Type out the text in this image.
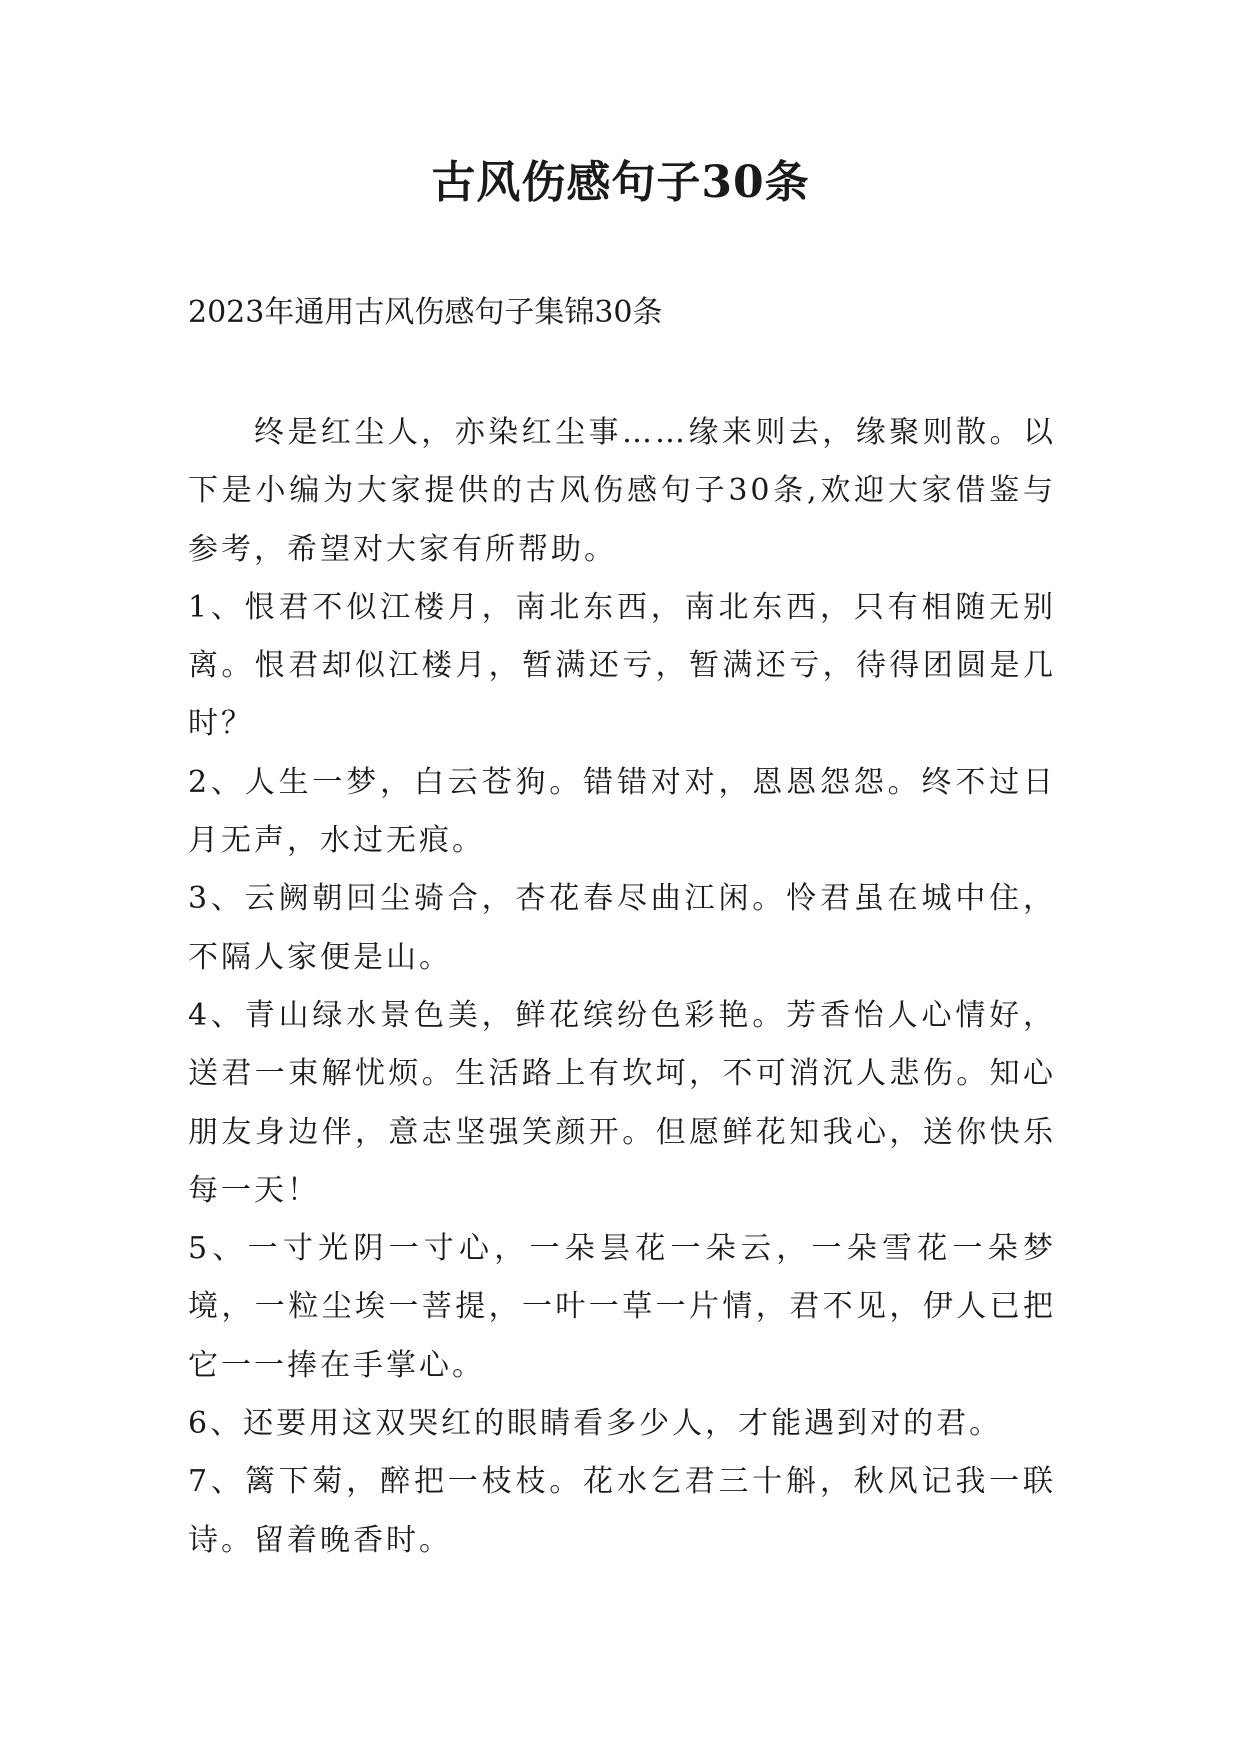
古风伤感句子30条

2023年通用古风伤感句子集锦30条

终是红尘人，亦染红尘事……缘来则去，缘聚则散。以下是小编为大家提供的古风伤感句子30条,欢迎大家借鉴与参考，希望对大家有所帮助。

1、恨君不似江楼月，南北东西，南北东西，只有相随无别离。恨君却似江楼月，暂满还亏，暂满还亏，待得团圆是几时？

2、人生一梦，白云苍狗。错错对对，恩恩怨怨。终不过日月无声，水过无痕。

3、云阙朝回尘骑合，杏花春尽曲江闲。怜君虽在城中住，不隔人家便是山。

4、青山绿水景色美，鲜花缤纷色彩艳。芳香怡人心情好，送君一束解忧烦。生活路上有坎坷，不可消沉人悲伤。知心朋友身边伴，意志坚强笑颜开。但愿鲜花知我心，送你快乐每一天！

5、一寸光阴一寸心，一朵昙花一朵云，一朵雪花一朵梦境，一粒尘埃一菩提，一叶一草一片情，君不见，伊人已把它一一捧在手掌心。

6、还要用这双哭红的眼睛看多少人，才能遇到对的君。

7、篱下菊，醉把一枝枝。花水乞君三十斛，秋风记我一联诗。留着晚香时。
